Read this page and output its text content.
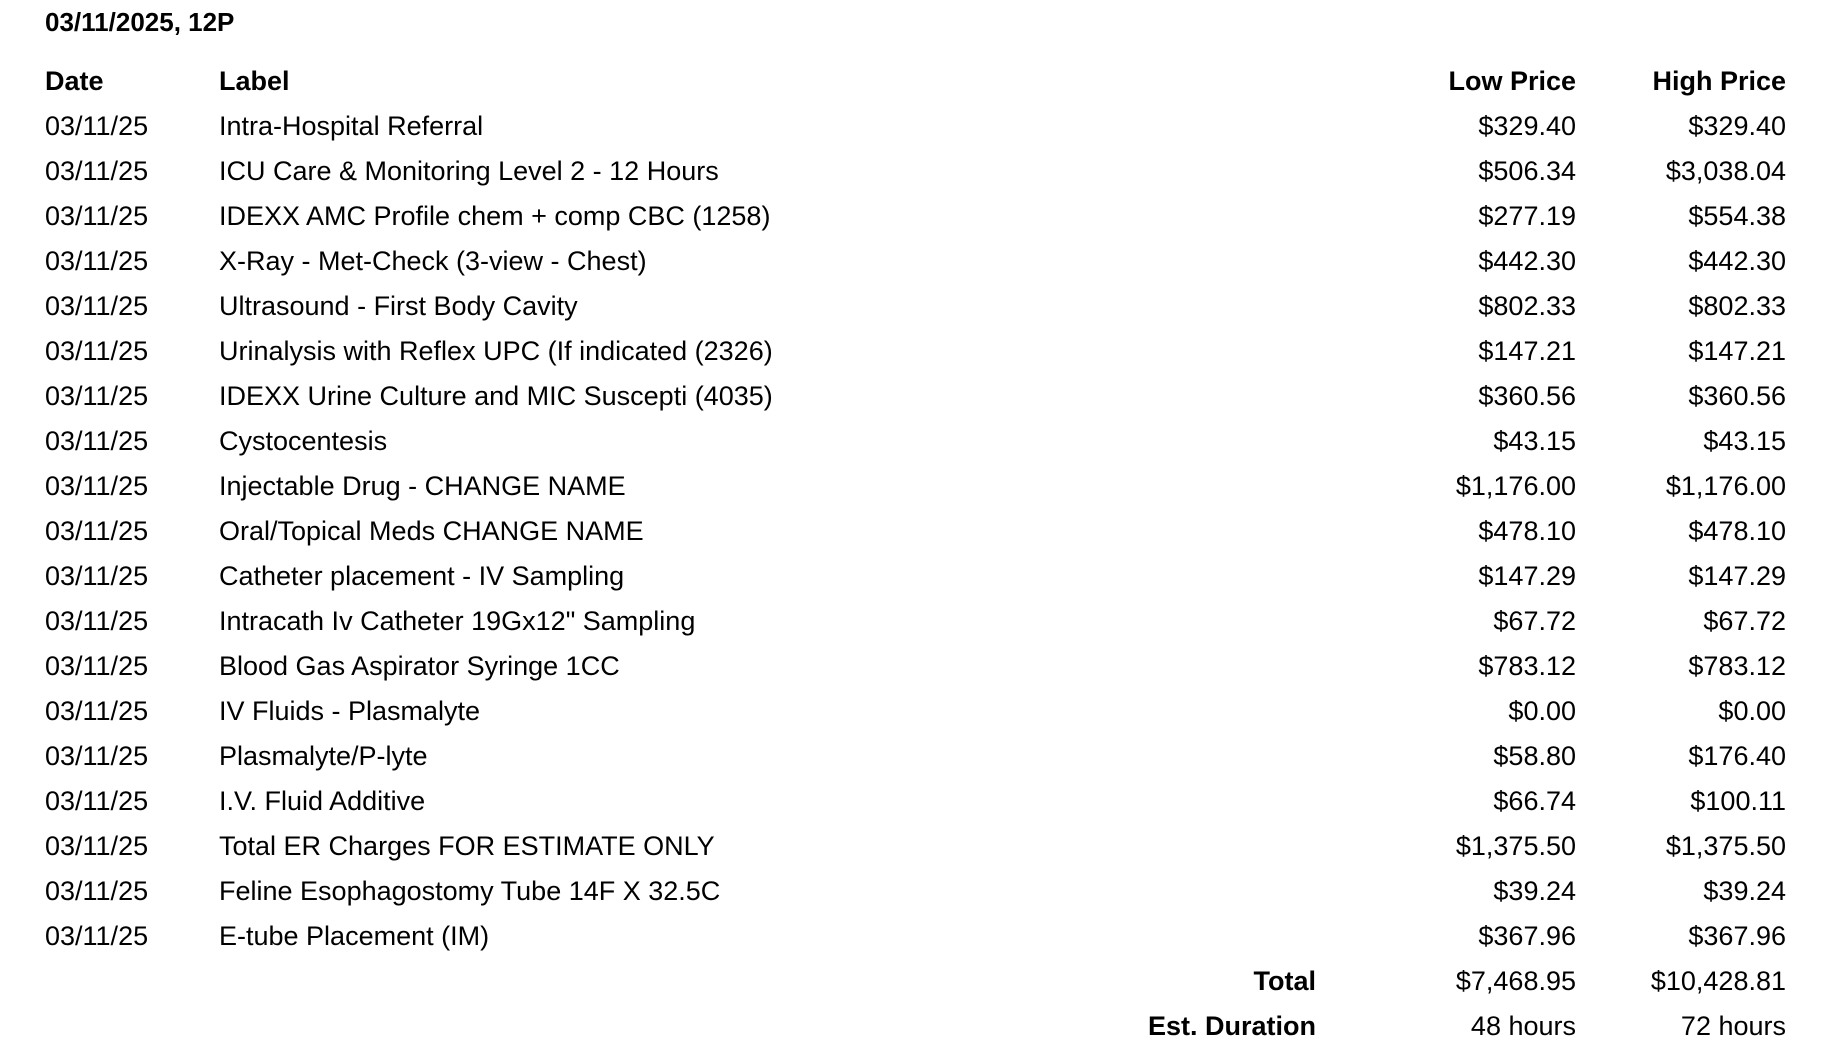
03/11/2025, 12P
Date	Label		Low Price	High Price
03/11/25	Intra-Hospital Referral		$329.40	$329.40
03/11/25	ICU Care & Monitoring Level 2 - 12 Hours		$506.34	$3,038.04
03/11/25	IDEXX AMC Profile chem + comp CBC (1258)		$277.19	$554.38
03/11/25	X-Ray - Met-Check (3-view - Chest)		$442.30	$442.30
03/11/25	Ultrasound - First Body Cavity		$802.33	$802.33
03/11/25	Urinalysis with Reflex UPC (If indicated (2326)		$147.21	$147.21
03/11/25	IDEXX Urine Culture and MIC Suscepti (4035)		$360.56	$360.56
03/11/25	Cystocentesis		$43.15	$43.15
03/11/25	Injectable Drug - CHANGE NAME		$1,176.00	$1,176.00
03/11/25	Oral/Topical Meds CHANGE NAME		$478.10	$478.10
03/11/25	Catheter placement - IV Sampling		$147.29	$147.29
03/11/25	Intracath Iv Catheter 19Gx12" Sampling		$67.72	$67.72
03/11/25	Blood Gas Aspirator Syringe 1CC		$783.12	$783.12
03/11/25	IV Fluids - Plasmalyte		$0.00	$0.00
03/11/25	Plasmalyte/P-lyte		$58.80	$176.40
03/11/25	I.V. Fluid Additive		$66.74	$100.11
03/11/25	Total ER Charges FOR ESTIMATE ONLY		$1,375.50	$1,375.50
03/11/25	Feline Esophagostomy Tube 14F X 32.5C		$39.24	$39.24
03/11/25	E-tube Placement (IM)		$367.96	$367.96
		Total	$7,468.95	$10,428.81
		Est. Duration	48 hours	72 hours
